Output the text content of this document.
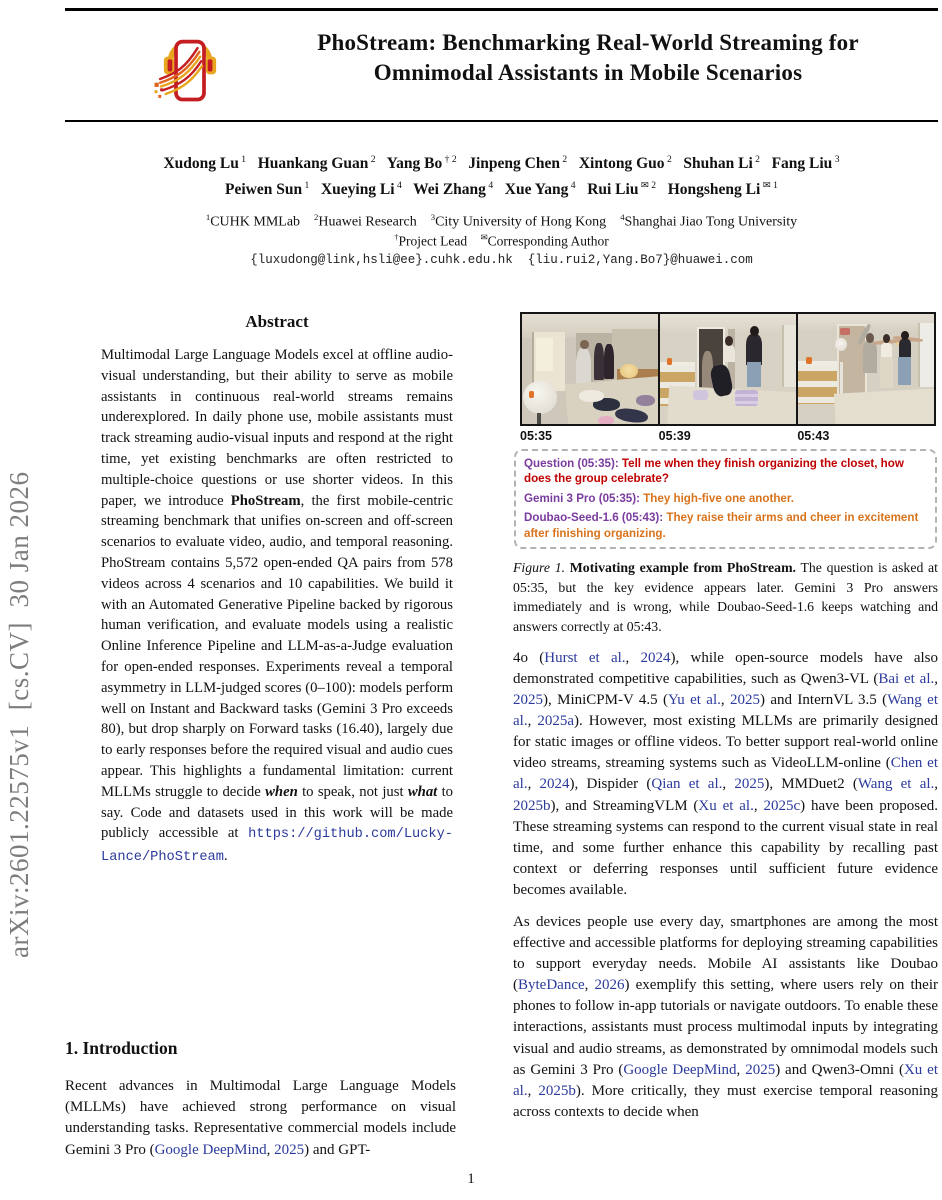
PhoStream: Benchmarking Real-World Streaming for
Omnimodal Assistants in Mobile Scenarios
Xudong Lu $^1$ Huankang Guan $^2$ Yang Bo $^{\dagger 2}$ Jinpeng Chen $^2$ Xintong Guo $^2$ Shuhan Li $^2$ Fang Liu $^3$
Peiwen Sun $^1$ Xueying Li $^4$ Wei Zhang $^4$ Xue Yang $^4$ Rui Liu $^{✉ 2}$ Hongsheng Li $^{✉ 1}$
$^1$CUHK MMLab    $^2$Huawei Research    $^3$City University of Hong Kong    $^4$Shanghai Jiao Tong University
†Project Lead    ✉Corresponding Author
{luxudong@link,hsli@ee}.cuhk.edu.hk  {liu.rui2,Yang.Bo7}@huawei.com
arXiv:2601.22575v1  [cs.CV]  30 Jan 2026
Abstract
Multimodal Large Language Models excel at offline audio-visual understanding, but their ability to serve as mobile assistants in continuous real-world streams remains underexplored. In daily phone use, mobile assistants must track streaming audio-visual inputs and respond at the right time, yet existing benchmarks are often restricted to multiple-choice questions or use shorter videos. In this paper, we introduce PhoStream, the first mobile-centric streaming benchmark that unifies on-screen and off-screen scenarios to evaluate video, audio, and temporal reasoning. PhoStream contains 5,572 open-ended QA pairs from 578 videos across 4 scenarios and 10 capabilities. We build it with an Automated Generative Pipeline backed by rigorous human verification, and evaluate models using a realistic Online Inference Pipeline and LLM-as-a-Judge evaluation for open-ended responses. Experiments reveal a temporal asymmetry in LLM-judged scores (0–100): models perform well on Instant and Backward tasks (Gemini 3 Pro exceeds 80), but drop sharply on Forward tasks (16.40), largely due to early responses before the required visual and audio cues appear. This highlights a fundamental limitation: current MLLMs struggle to decide when to speak, not just what to say. Code and datasets used in this work will be made publicly accessible at https://github.com/Lucky-Lance/PhoStream.
1. Introduction
Recent advances in Multimodal Large Language Models (MLLMs) have achieved strong performance on visual understanding tasks. Representative commercial models include Gemini 3 Pro (Google DeepMind, 2025) and GPT-
05:35	05:39	05:43
Question (05:35): Tell me when they finish organizing the closet, how does the group celebrate?
Gemini 3 Pro (05:35): They high-five one another.
Doubao-Seed-1.6 (05:43): They raise their arms and cheer in excitement after finishing organizing.
Figure 1. Motivating example from PhoStream. The question is asked at 05:35, but the key evidence appears later. Gemini 3 Pro answers immediately and is wrong, while Doubao-Seed-1.6 keeps watching and answers correctly at 05:43.
4o (Hurst et al., 2024), while open-source models have also demonstrated competitive capabilities, such as Qwen3-VL (Bai et al., 2025), MiniCPM-V 4.5 (Yu et al., 2025) and InternVL 3.5 (Wang et al., 2025a). However, most existing MLLMs are primarily designed for static images or offline videos. To better support real-world online video streams, streaming systems such as VideoLLM-online (Chen et al., 2024), Dispider (Qian et al., 2025), MMDuet2 (Wang et al., 2025b), and StreamingVLM (Xu et al., 2025c) have been proposed. These streaming systems can respond to the current visual state in real time, and some further enhance this capability by recalling past context or deferring responses until sufficient future evidence becomes available.
As devices people use every day, smartphones are among the most effective and accessible platforms for deploying streaming capabilities to support everyday needs. Mobile AI assistants like Doubao (ByteDance, 2026) exemplify this setting, where users rely on their phones to follow in-app tutorials or navigate outdoors. To enable these interactions, assistants must process multimodal inputs by integrating visual and audio streams, as demonstrated by omnimodal models such as Gemini 3 Pro (Google DeepMind, 2025) and Qwen3-Omni (Xu et al., 2025b). More critically, they must exercise temporal reasoning across contexts to decide when
1
